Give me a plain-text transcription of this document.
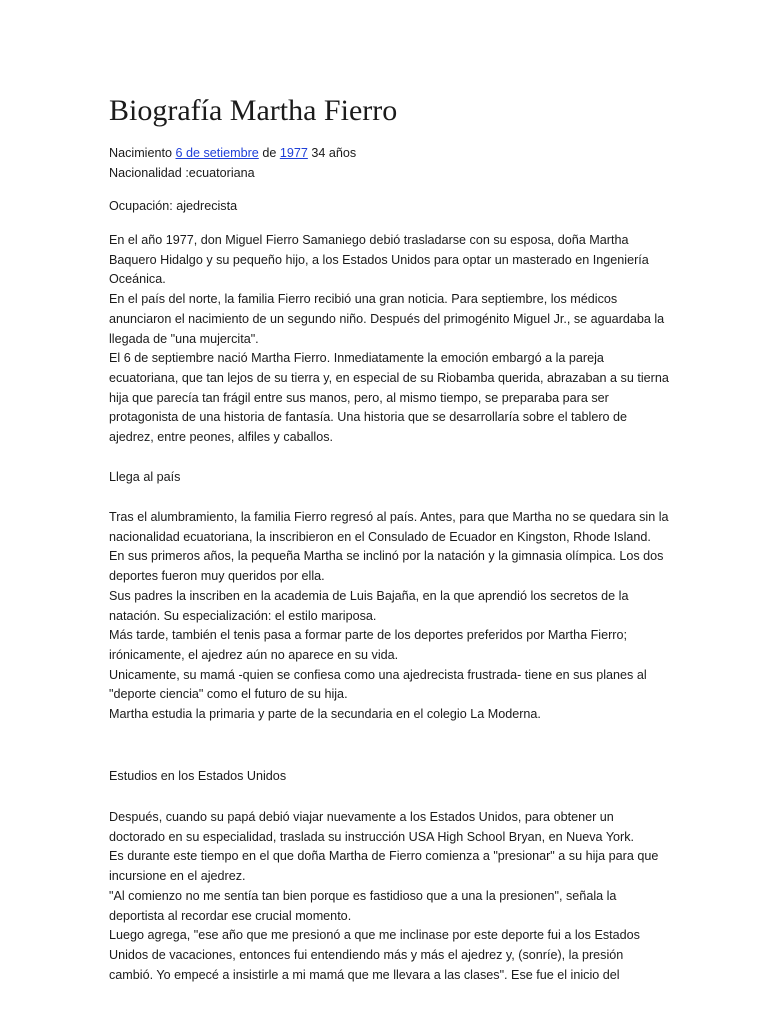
Biografía Martha Fierro

Nacimiento 6 de setiembre de 1977 34 años

Nacionalidad :ecuatoriana

Ocupación: ajedrecista

En el año 1977, don Miguel Fierro Samaniego debió trasladarse con su esposa, doña Martha Baquero Hidalgo y su pequeño hijo, a los Estados Unidos para optar un masterado en Ingeniería Oceánica.

En el país del norte, la familia Fierro recibió una gran noticia. Para septiembre, los médicos anunciaron el nacimiento de un segundo niño. Después del primogénito Miguel Jr., se aguardaba la llegada de "una mujercita".

El 6 de septiembre nació Martha Fierro. Inmediatamente la emoción embargó a la pareja ecuatoriana, que tan lejos de su tierra y, en especial de su Riobamba querida, abrazaban a su tierna hija que parecía tan frágil entre sus manos, pero, al mismo tiempo, se preparaba para ser protagonista de una historia de fantasía. Una historia que se desarrollaría sobre el tablero de ajedrez, entre peones, alfiles y caballos.

Llega al país

Tras el alumbramiento, la familia Fierro regresó al país. Antes, para que Martha no se quedara sin la nacionalidad ecuatoriana, la inscribieron en el Consulado de Ecuador en Kingston, Rhode Island.

En sus primeros años, la pequeña Martha se inclinó por la natación y la gimnasia olímpica. Los dos deportes fueron muy queridos por ella.

Sus padres la inscriben en la academia de Luis Bajaña, en la que aprendió los secretos de la natación. Su especialización: el estilo mariposa.

Más tarde, también el tenis pasa a formar parte de los deportes preferidos por Martha Fierro; irónicamente, el ajedrez aún no aparece en su vida.

Unicamente, su mamá -quien se confiesa como una ajedrecista frustrada- tiene en sus planes al "deporte ciencia" como el futuro de su hija.

Martha estudia la primaria y parte de la secundaria en el colegio La Moderna.

Estudios en los Estados Unidos

Después, cuando su papá debió viajar nuevamente a los Estados Unidos, para obtener un doctorado en su especialidad, traslada su instrucción USA High School Bryan, en Nueva York.

Es durante este tiempo en el que doña Martha de Fierro comienza a "presionar" a su hija para que incursione en el ajedrez.

"Al comienzo no me sentía tan bien porque es fastidioso que a una la presionen", señala la deportista al recordar ese crucial momento.

Luego agrega, "ese año que me presionó a que me inclinase por este deporte fui a los Estados Unidos de vacaciones, entonces fui entendiendo más y más el ajedrez y, (sonríe), la presión cambió. Yo empecé a insistirle a mi mamá que me llevara a las clases". Ese fue el inicio del
